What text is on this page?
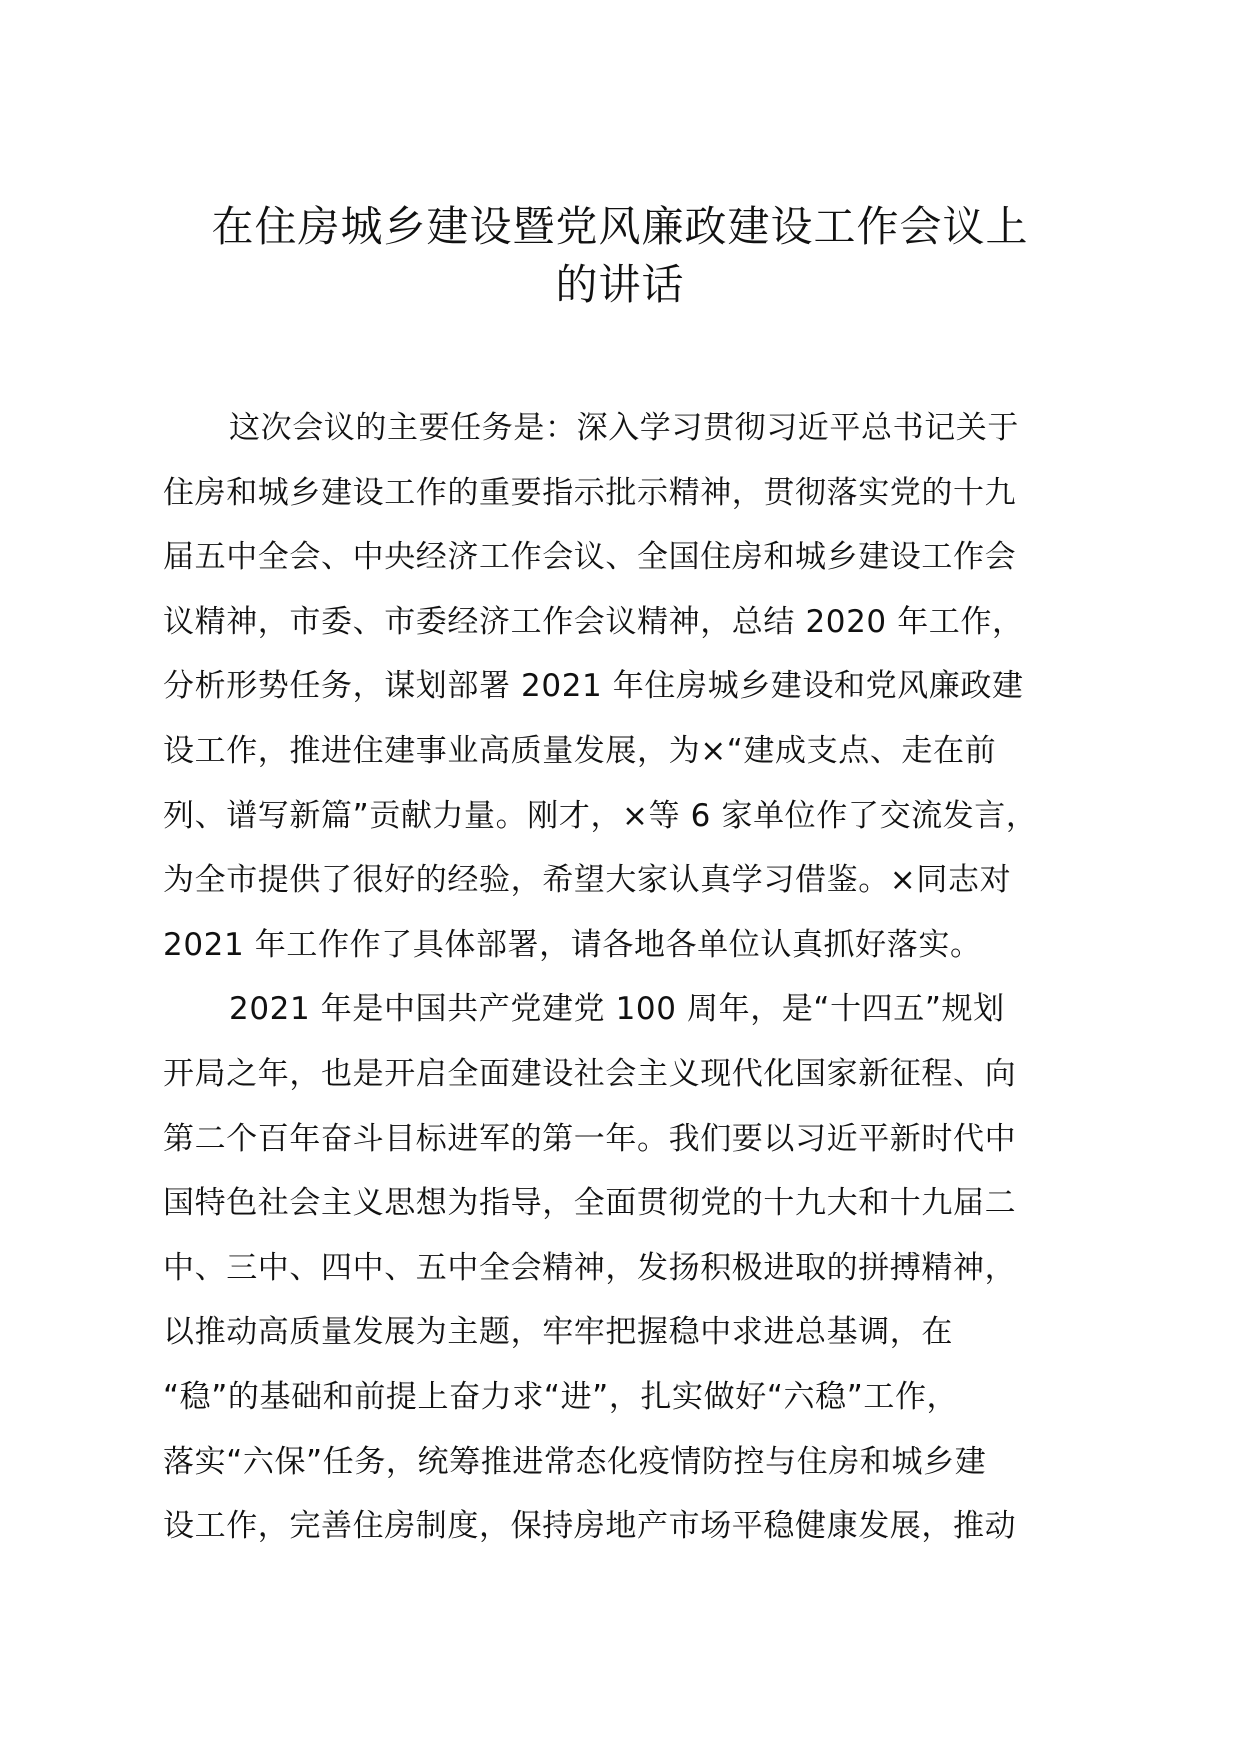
在住房城乡建设暨党风廉政建设工作会议上
的讲话
这次会议的主要任务是：深入学习贯彻习近平总书记关于
住房和城乡建设工作的重要指示批示精神，贯彻落实党的十九
届五中全会、中央经济工作会议、全国住房和城乡建设工作会
议精神，市委、市委经济工作会议精神，总结 2020 年工作，
分析形势任务，谋划部署 2021 年住房城乡建设和党风廉政建
设工作，推进住建事业高质量发展，为×“建成支点、走在前
列、谱写新篇”贡献力量。刚才，×等 6 家单位作了交流发言，
为全市提供了很好的经验，希望大家认真学习借鉴。×同志对
2021 年工作作了具体部署，请各地各单位认真抓好落实。
2021 年是中国共产党建党 100 周年，是“十四五”规划
开局之年，也是开启全面建设社会主义现代化国家新征程、向
第二个百年奋斗目标进军的第一年。我们要以习近平新时代中
国特色社会主义思想为指导，全面贯彻党的十九大和十九届二
中、三中、四中、五中全会精神，发扬积极进取的拼搏精神，
以推动高质量发展为主题，牢牢把握稳中求进总基调，在
“稳”的基础和前提上奋力求“进”，扎实做好“六稳”工作，
落实“六保”任务，统筹推进常态化疫情防控与住房和城乡建
设工作，完善住房制度，保持房地产市场平稳健康发展，推动
